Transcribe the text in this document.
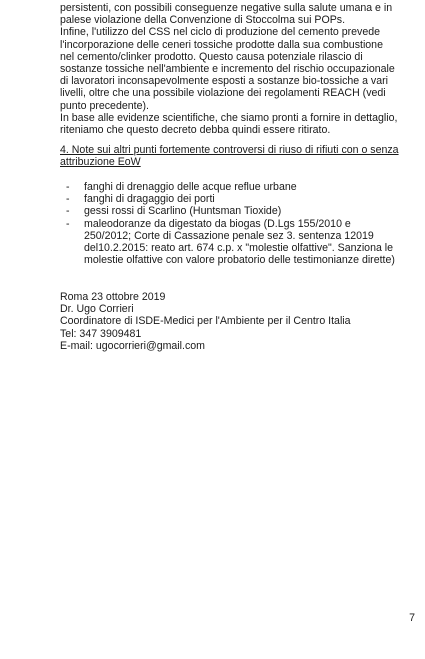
persistenti, con possibili conseguenze negative sulla salute umana e in palese violazione della Convenzione di Stoccolma sui POPs.

Infine, l'utilizzo del CSS nel ciclo di produzione del cemento prevede l'incorporazione delle ceneri tossiche prodotte dalla sua combustione nel cemento/clinker prodotto. Questo causa potenziale rilascio di sostanze tossiche nell'ambiente e incremento del rischio occupazionale di lavoratori inconsapevolmente esposti a sostanze bio-tossiche a vari livelli, oltre che una possibile violazione dei regolamenti REACH (vedi punto precedente).

In base alle evidenze scientifiche, che siamo pronti a fornire in dettaglio, riteniamo che questo decreto debba quindi essere ritirato.

4. Note sui altri punti fortemente controversi di riuso di rifiuti con o senza attribuzione EoW
- fanghi di drenaggio delle acque reflue urbane
- fanghi di dragaggio dei porti
- gessi rossi di Scarlino (Huntsman Tioxide)
- maleodoranze da digestato da biogas (D.Lgs 155/2010 e 250/2012; Corte di Cassazione penale sez 3. sentenza 12019 del10.2.2015: reato art. 674 c.p. x "molestie olfattive". Sanziona le molestie olfattive con valore probatorio delle testimonianze dirette)
Roma 23 ottobre 2019
Dr. Ugo Corrieri
Coordinatore di ISDE-Medici per l'Ambiente per il Centro Italia
Tel: 347 3909481
E-mail: ugocorrieri@gmail.com
7
